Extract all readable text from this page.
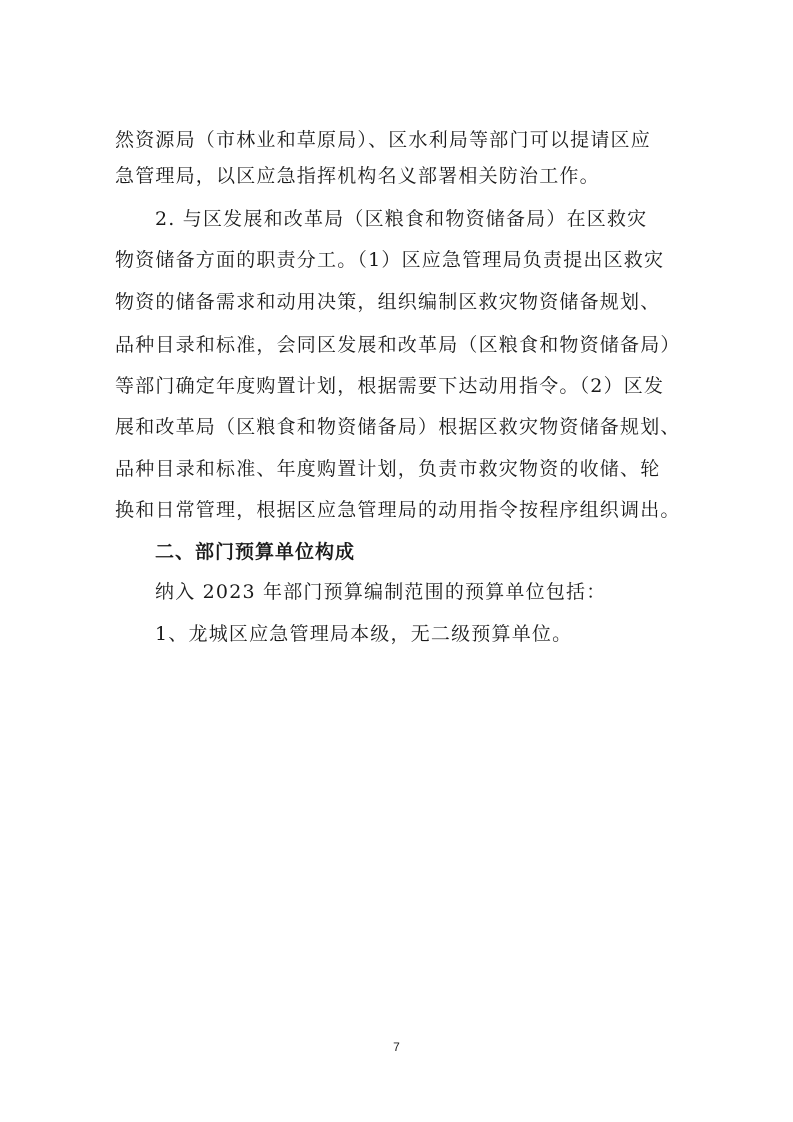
然资源局（市林业和草原局）、区水利局等部门可以提请区应
急管理局，以区应急指挥机构名义部署相关防治工作。
2. 与区发展和改革局（区粮食和物资储备局）在区救灾
物资储备方面的职责分工。（1）区应急管理局负责提出区救灾
物资的储备需求和动用决策，组织编制区救灾物资储备规划、
品种目录和标准，会同区发展和改革局（区粮食和物资储备局）
等部门确定年度购置计划，根据需要下达动用指令。（2）区发
展和改革局（区粮食和物资储备局）根据区救灾物资储备规划、
品种目录和标准、年度购置计划，负责市救灾物资的收储、轮
换和日常管理，根据区应急管理局的动用指令按程序组织调出。
二、部门预算单位构成
纳入 2023 年部门预算编制范围的预算单位包括：
1、龙城区应急管理局本级，无二级预算单位。
7
